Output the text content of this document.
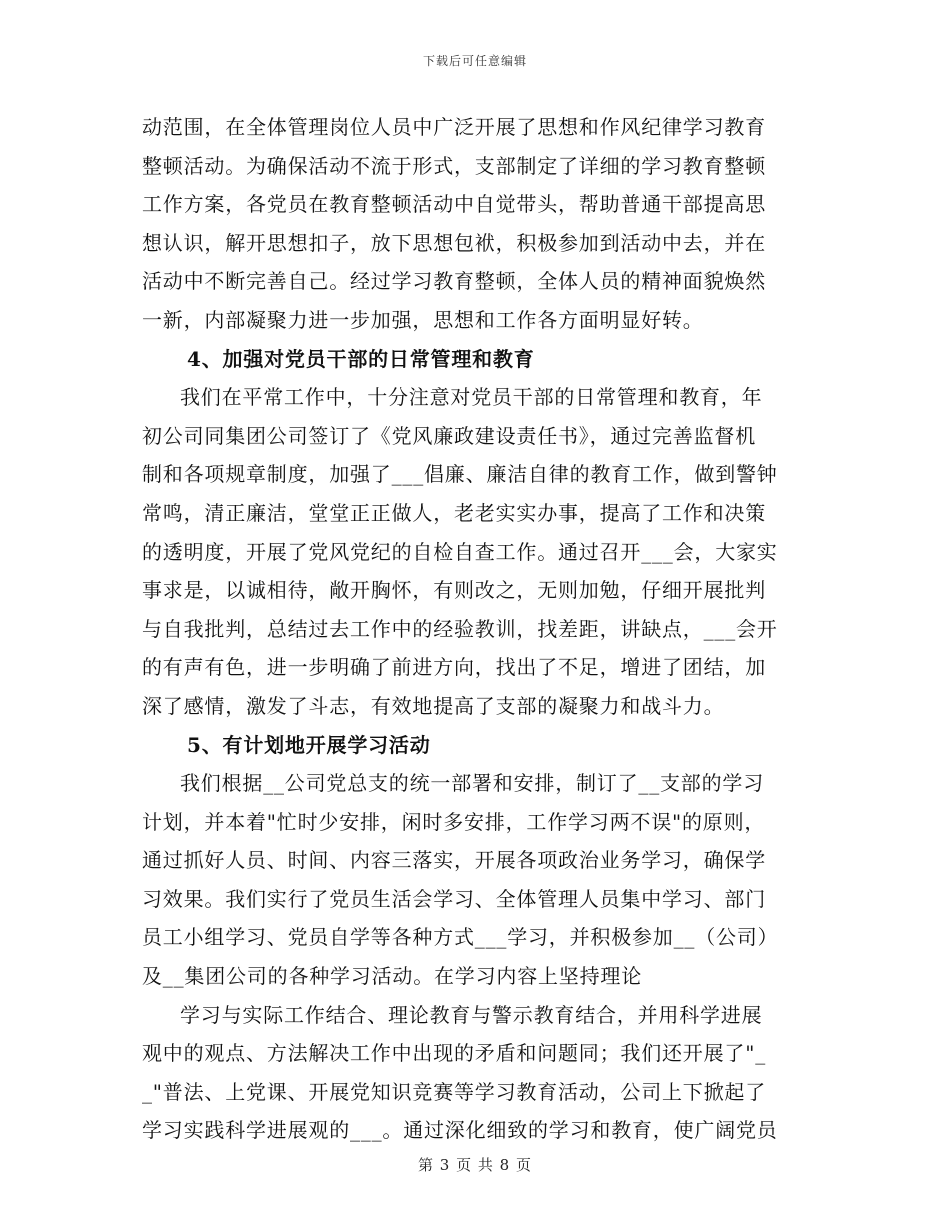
下载后可任意编辑
动范围，在全体管理岗位人员中广泛开展了思想和作风纪律学习教育
整顿活动。为确保活动不流于形式，支部制定了详细的学习教育整顿
工作方案，各党员在教育整顿活动中自觉带头，帮助普通干部提高思
想认识，解开思想扣子，放下思想包袱，积极参加到活动中去，并在
活动中不断完善自己。经过学习教育整顿，全体人员的精神面貌焕然
一新，内部凝聚力进一步加强，思想和工作各方面明显好转。
4、加强对党员干部的日常管理和教育
我们在平常工作中，十分注意对党员干部的日常管理和教育，年
初公司同集团公司签订了《党风廉政建设责任书》，通过完善监督机
制和各项规章制度，加强了___倡廉、廉洁自律的教育工作，做到警钟
常鸣，清正廉洁，堂堂正正做人，老老实实办事，提高了工作和决策
的透明度，开展了党风党纪的自检自查工作。通过召开___会，大家实
事求是，以诚相待，敞开胸怀，有则改之，无则加勉，仔细开展批判
与自我批判，总结过去工作中的经验教训，找差距，讲缺点，___会开
的有声有色，进一步明确了前进方向，找出了不足，增进了团结，加
深了感情，激发了斗志，有效地提高了支部的凝聚力和战斗力。
5、有计划地开展学习活动
我们根据__公司党总支的统一部署和安排，制订了__支部的学习
计划，并本着"忙时少安排，闲时多安排，工作学习两不误"的原则，
通过抓好人员、时间、内容三落实，开展各项政治业务学习，确保学
习效果。我们实行了党员生活会学习、全体管理人员集中学习、部门
员工小组学习、党员自学等各种方式___学习，并积极参加__（公司）
及__集团公司的各种学习活动。在学习内容上坚持理论
学习与实际工作结合、理论教育与警示教育结合，并用科学进展
观中的观点、方法解决工作中出现的矛盾和问题同；我们还开展了"_
_"普法、上党课、开展党知识竞赛等学习教育活动，公司上下掀起了
学习实践科学进展观的___。通过深化细致的学习和教育，使广阔党员
第 3 页 共 8 页
